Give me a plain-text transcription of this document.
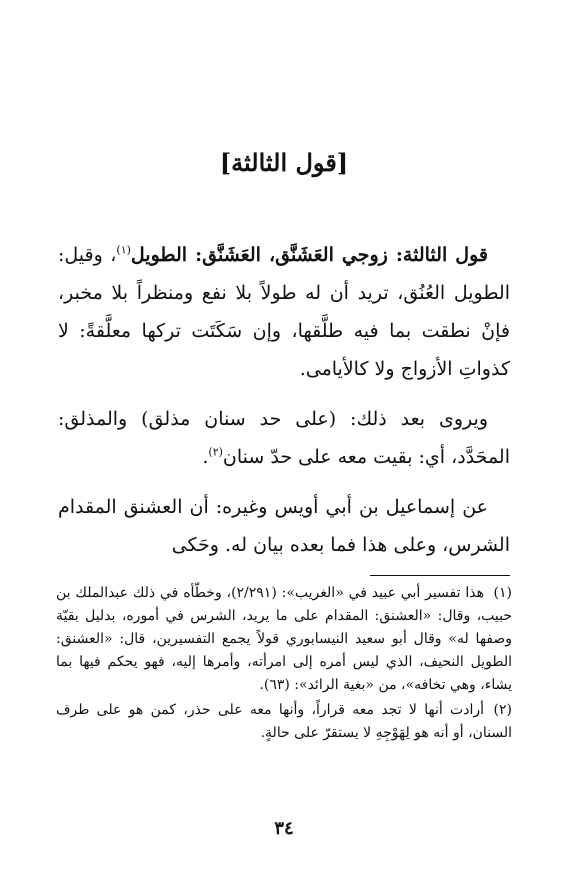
[قول الثالثة]

قول الثالثة: زوجي العَشَنَّق، العَشَنَّق: الطويل$^{(١)}$، وقيل: الطويل العُنُق، تريد أن له طولاً بلا نفع ومنظراً بلا مخبر، فإنْ نطقت بما فيه طلَّقها، وإن سَكَتَت تركها معلَّقةً: لا كذواتِ الأزواج ولا كالأيامى.

ويروى بعد ذلك: (على حد سنان مذلق) والمذلق: المحَدَّد، أي: بقيت معه على حدّ سنان$^{(٢)}$.

عن إسماعيل بن أبي أويس وغيره: أن العشنق المقدام الشرس، وعلى هذا فما بعده بيان له. وحَكى

(١)هذا تفسير أبي عبيد في «الغريب»: (٢/٢٩١)، وخطّأه في ذلك عبدالملك بن حبيب، وقال: «العشنق: المقدام على ما يريد، الشرس في أموره، بدليل بقيّة وصفها له» وقال أبو سعيد النيسابوري قولاً يجمع التفسيرين، قال: «العشنق: الطويل النحيف، الذي ليس أمره إلى امرأته، وأمرها إليه، فهو يحكم فيها بما يشاء، وهي تخافه»، من «بغية الرائد»: (٦٣).

(٢)أرادت أنها لا تجد معه قراراً، وأنها معه على حذر، كمن هو على طرف السنان، أو أنه هو لِهَوْجِهِ لا يستقرّ على حالةٍ.

٣٤
